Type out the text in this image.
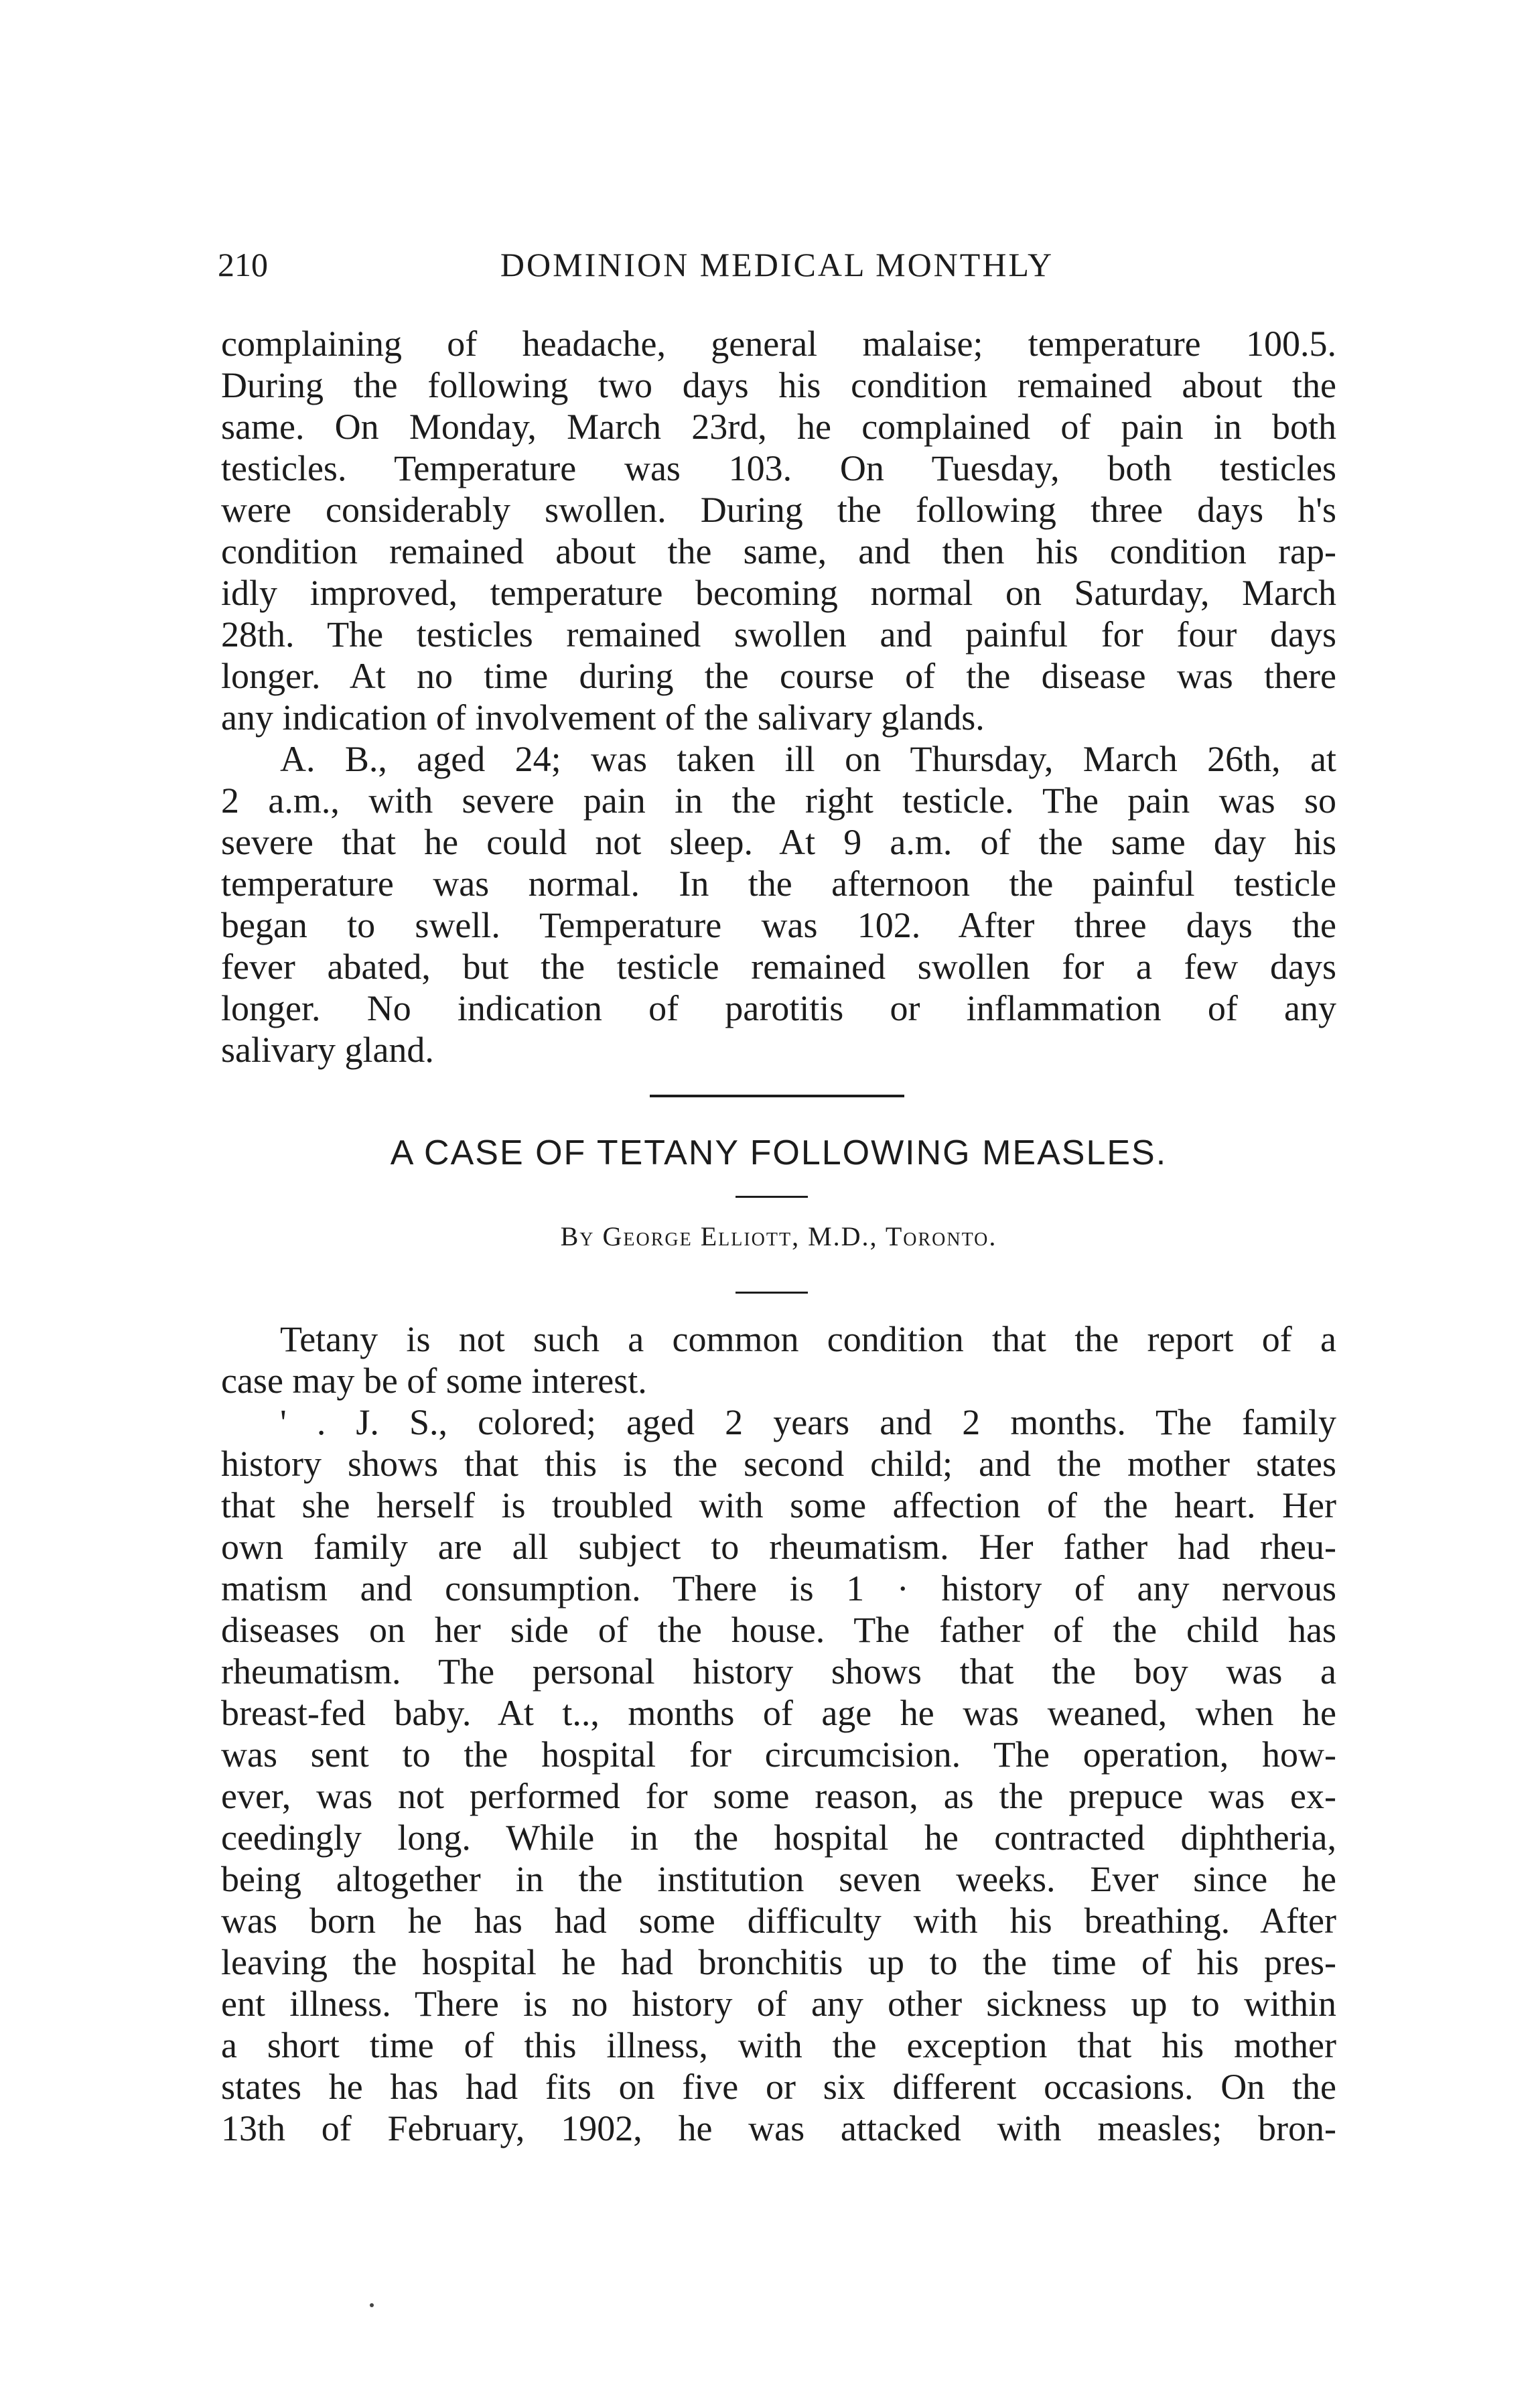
210	DOMINION MEDICAL MONTHLY
complaining of headache, general malaise; temperature 100.5.
During the following two days his condition remained about the
same. On Monday, March 23rd, he complained of pain in both
testicles. Temperature was 103. On Tuesday, both testicles
were considerably swollen. During the following three days h's
condition remained about the same, and then his condition rap-
idly improved, temperature becoming normal on Saturday, March
28th. The testicles remained swollen and painful for four days
longer. At no time during the course of the disease was there
any indication of involvement of the salivary glands.
A. B., aged 24; was taken ill on Thursday, March 26th, at
2 a.m., with severe pain in the right testicle. The pain was so
severe that he could not sleep. At 9 a.m. of the same day his
temperature was normal. In the afternoon the painful testicle
began to swell. Temperature was 102. After three days the
fever abated, but the testicle remained swollen for a few days
longer. No indication of parotitis or inflammation of any
salivary gland.
A CASE OF TETANY FOLLOWING MEASLES.
By George Elliott, M.D., Toronto.
Tetany is not such a common condition that the report of a
case may be of some interest.
' . J. S., colored; aged 2 years and 2 months. The family
history shows that this is the second child; and the mother states
that she herself is troubled with some affection of the heart. Her
own family are all subject to rheumatism. Her father had rheu-
matism and consumption. There is 1 · history of any nervous
diseases on her side of the house. The father of the child has
rheumatism. The personal history shows that the boy was a
breast-fed baby. At t.., months of age he was weaned, when he
was sent to the hospital for circumcision. The operation, how-
ever, was not performed for some reason, as the prepuce was ex-
ceedingly long. While in the hospital he contracted diphtheria,
being altogether in the institution seven weeks. Ever since he
was born he has had some difficulty with his breathing. After
leaving the hospital he had bronchitis up to the time of his pres-
ent illness. There is no history of any other sickness up to within
a short time of this illness, with the exception that his mother
states he has had fits on five or six different occasions. On the
13th of February, 1902, he was attacked with measles; bron-
